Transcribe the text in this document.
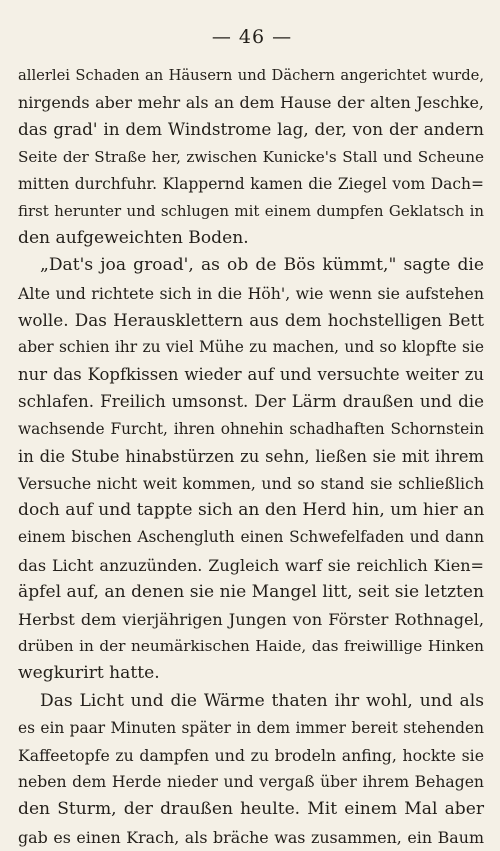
— 46 —
allerlei Schaden an Häusern und Dächern angerichtet wurde,
nirgends aber mehr als an dem Hause der alten Jeschke,
das grad' in dem Windstrome lag, der, von der andern
Seite der Straße her, zwischen Kunicke's Stall und Scheune
mitten durchfuhr. Klappernd kamen die Ziegel vom Dach=
first herunter und schlugen mit einem dumpfen Geklatsch in
den aufgeweichten Boden.
„Dat's joa groad', as ob de Bös kümmt," sagte die
Alte und richtete sich in die Höh', wie wenn sie aufstehen
wolle. Das Herausklettern aus dem hochstelligen Bett
aber schien ihr zu viel Mühe zu machen, und so klopfte sie
nur das Kopfkissen wieder auf und versuchte weiter zu
schlafen. Freilich umsonst. Der Lärm draußen und die
wachsende Furcht, ihren ohnehin schadhaften Schornstein
in die Stube hinabstürzen zu sehn, ließen sie mit ihrem
Versuche nicht weit kommen, und so stand sie schließlich
doch auf und tappte sich an den Herd hin, um hier an
einem bischen Aschengluth einen Schwefelfaden und dann
das Licht anzuzünden. Zugleich warf sie reichlich Kien=
äpfel auf, an denen sie nie Mangel litt, seit sie letzten
Herbst dem vierjährigen Jungen von Förster Rothnagel,
drüben in der neumärkischen Haide, das freiwillige Hinken
wegkurirt hatte.
Das Licht und die Wärme thaten ihr wohl, und als
es ein paar Minuten später in dem immer bereit stehenden
Kaffeetopfe zu dampfen und zu brodeln anfing, hockte sie
neben dem Herde nieder und vergaß über ihrem Behagen
den Sturm, der draußen heulte. Mit einem Mal aber
gab es einen Krach, als bräche was zusammen, ein Baum
